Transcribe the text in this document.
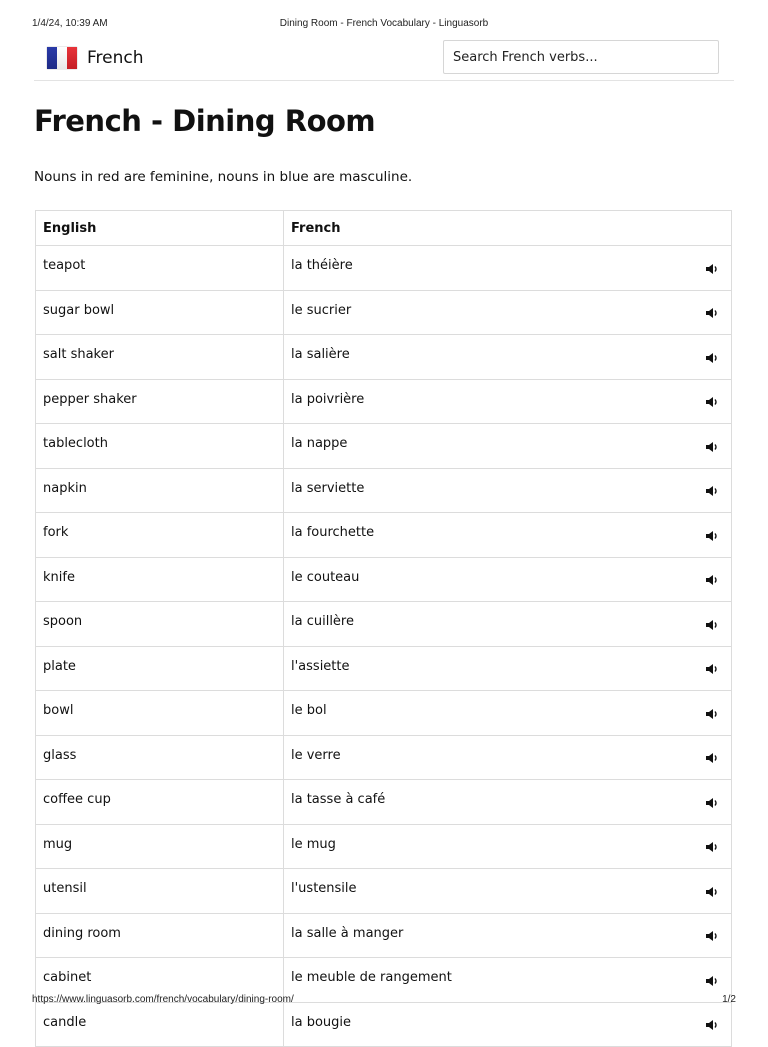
1/4/24, 10:39 AM	Dining Room - French Vocabulary - Linguasorb
French
Search French verbs...
French - Dining Room

Nouns in red are feminine, nouns in blue are masculine.

English	French
teapot	la théière

sugar bowl	le sucrier

salt shaker	la salière

pepper shaker	la poivrière

tablecloth	la nappe

napkin	la serviette

fork	la fourchette

knife	le couteau

spoon	la cuillère

plate	l'assiette

bowl	le bol

glass	le verre

coffee cup	la tasse à café

mug	le mug

utensil	l'ustensile

dining room	la salle à manger

cabinet	le meuble de rangement

candle	la bougie
https://www.linguasorb.com/french/vocabulary/dining-room/	1/2
